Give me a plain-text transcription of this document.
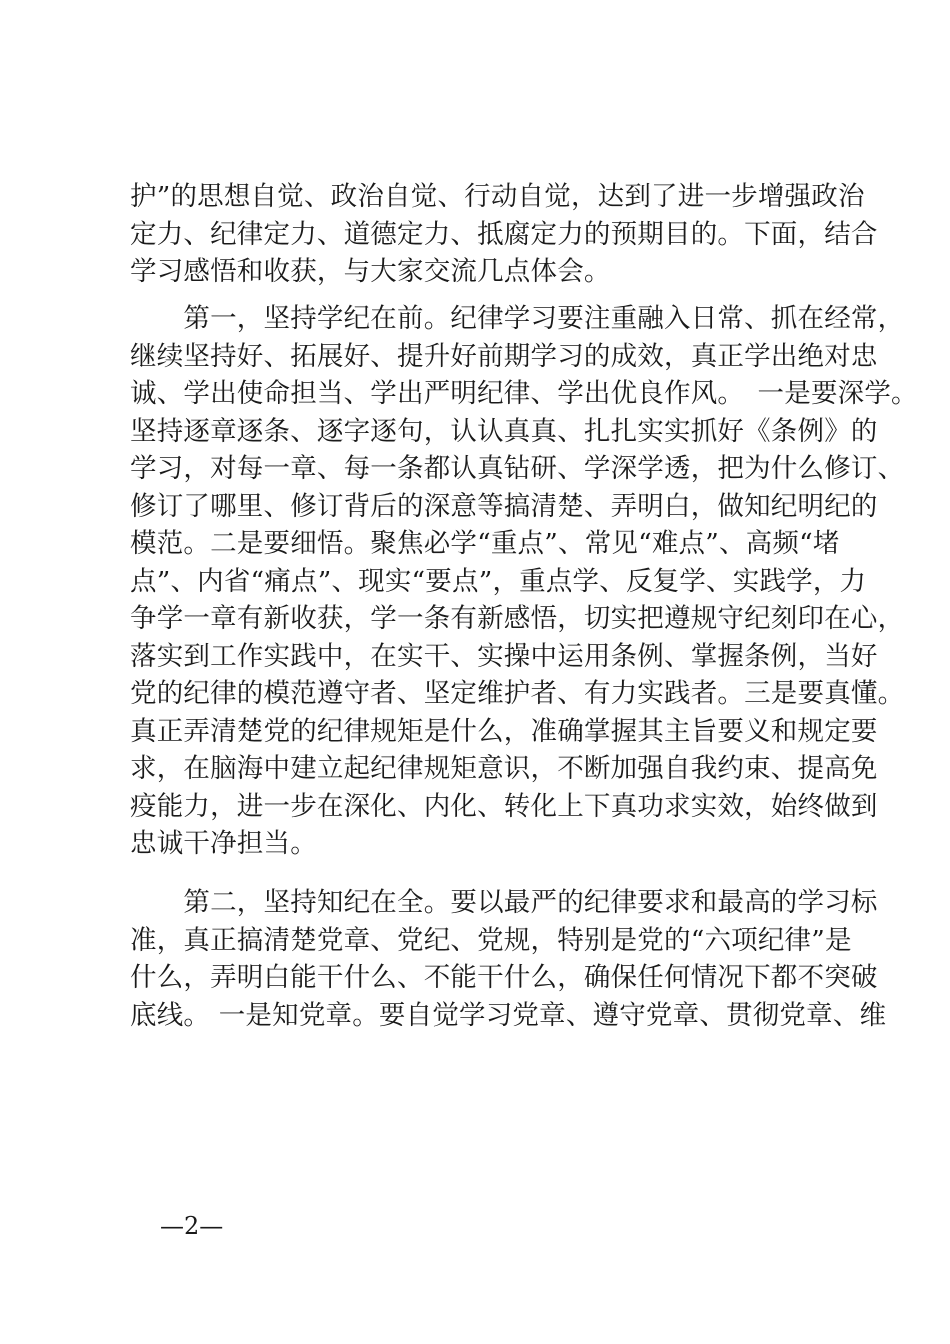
护”的思想自觉、政治自觉、行动自觉，达到了进一步增强政治
定力、纪律定力、道德定力、抵腐定力的预期目的。下面，结合
学习感悟和收获，与大家交流几点体会。
　　第一，坚持学纪在前。纪律学习要注重融入日常、抓在经常，
继续坚持好、拓展好、提升好前期学习的成效，真正学出绝对忠
诚、学出使命担当、学出严明纪律、学出优良作风。　一是要深学。
坚持逐章逐条、逐字逐句，认认真真、扎扎实实抓好《条例》的
学习，对每一章、每一条都认真钻研、学深学透，把为什么修订、
修订了哪里、修订背后的深意等搞清楚、弄明白，做知纪明纪的
模范。二是要细悟。聚焦必学“重点”、常见“难点”、高频“堵
点”、内省“痛点”、现实“要点”，重点学、反复学、实践学，力
争学一章有新收获，学一条有新感悟，切实把遵规守纪刻印在心，
落实到工作实践中，在实干、实操中运用条例、掌握条例，当好
党的纪律的模范遵守者、坚定维护者、有力实践者。三是要真懂。
真正弄清楚党的纪律规矩是什么，准确掌握其主旨要义和规定要
求，在脑海中建立起纪律规矩意识，不断加强自我约束、提高免
疫能力，进一步在深化、内化、转化上下真功求实效，始终做到
忠诚干净担当。
　　第二，坚持知纪在全。要以最严的纪律要求和最高的学习标
准，真正搞清楚党章、党纪、党规，特别是党的“六项纪律”是
什么，弄明白能干什么、不能干什么，确保任何情况下都不突破
底线。 一是知党章。要自觉学习党章、遵守党章、贯彻党章、维
—2—
